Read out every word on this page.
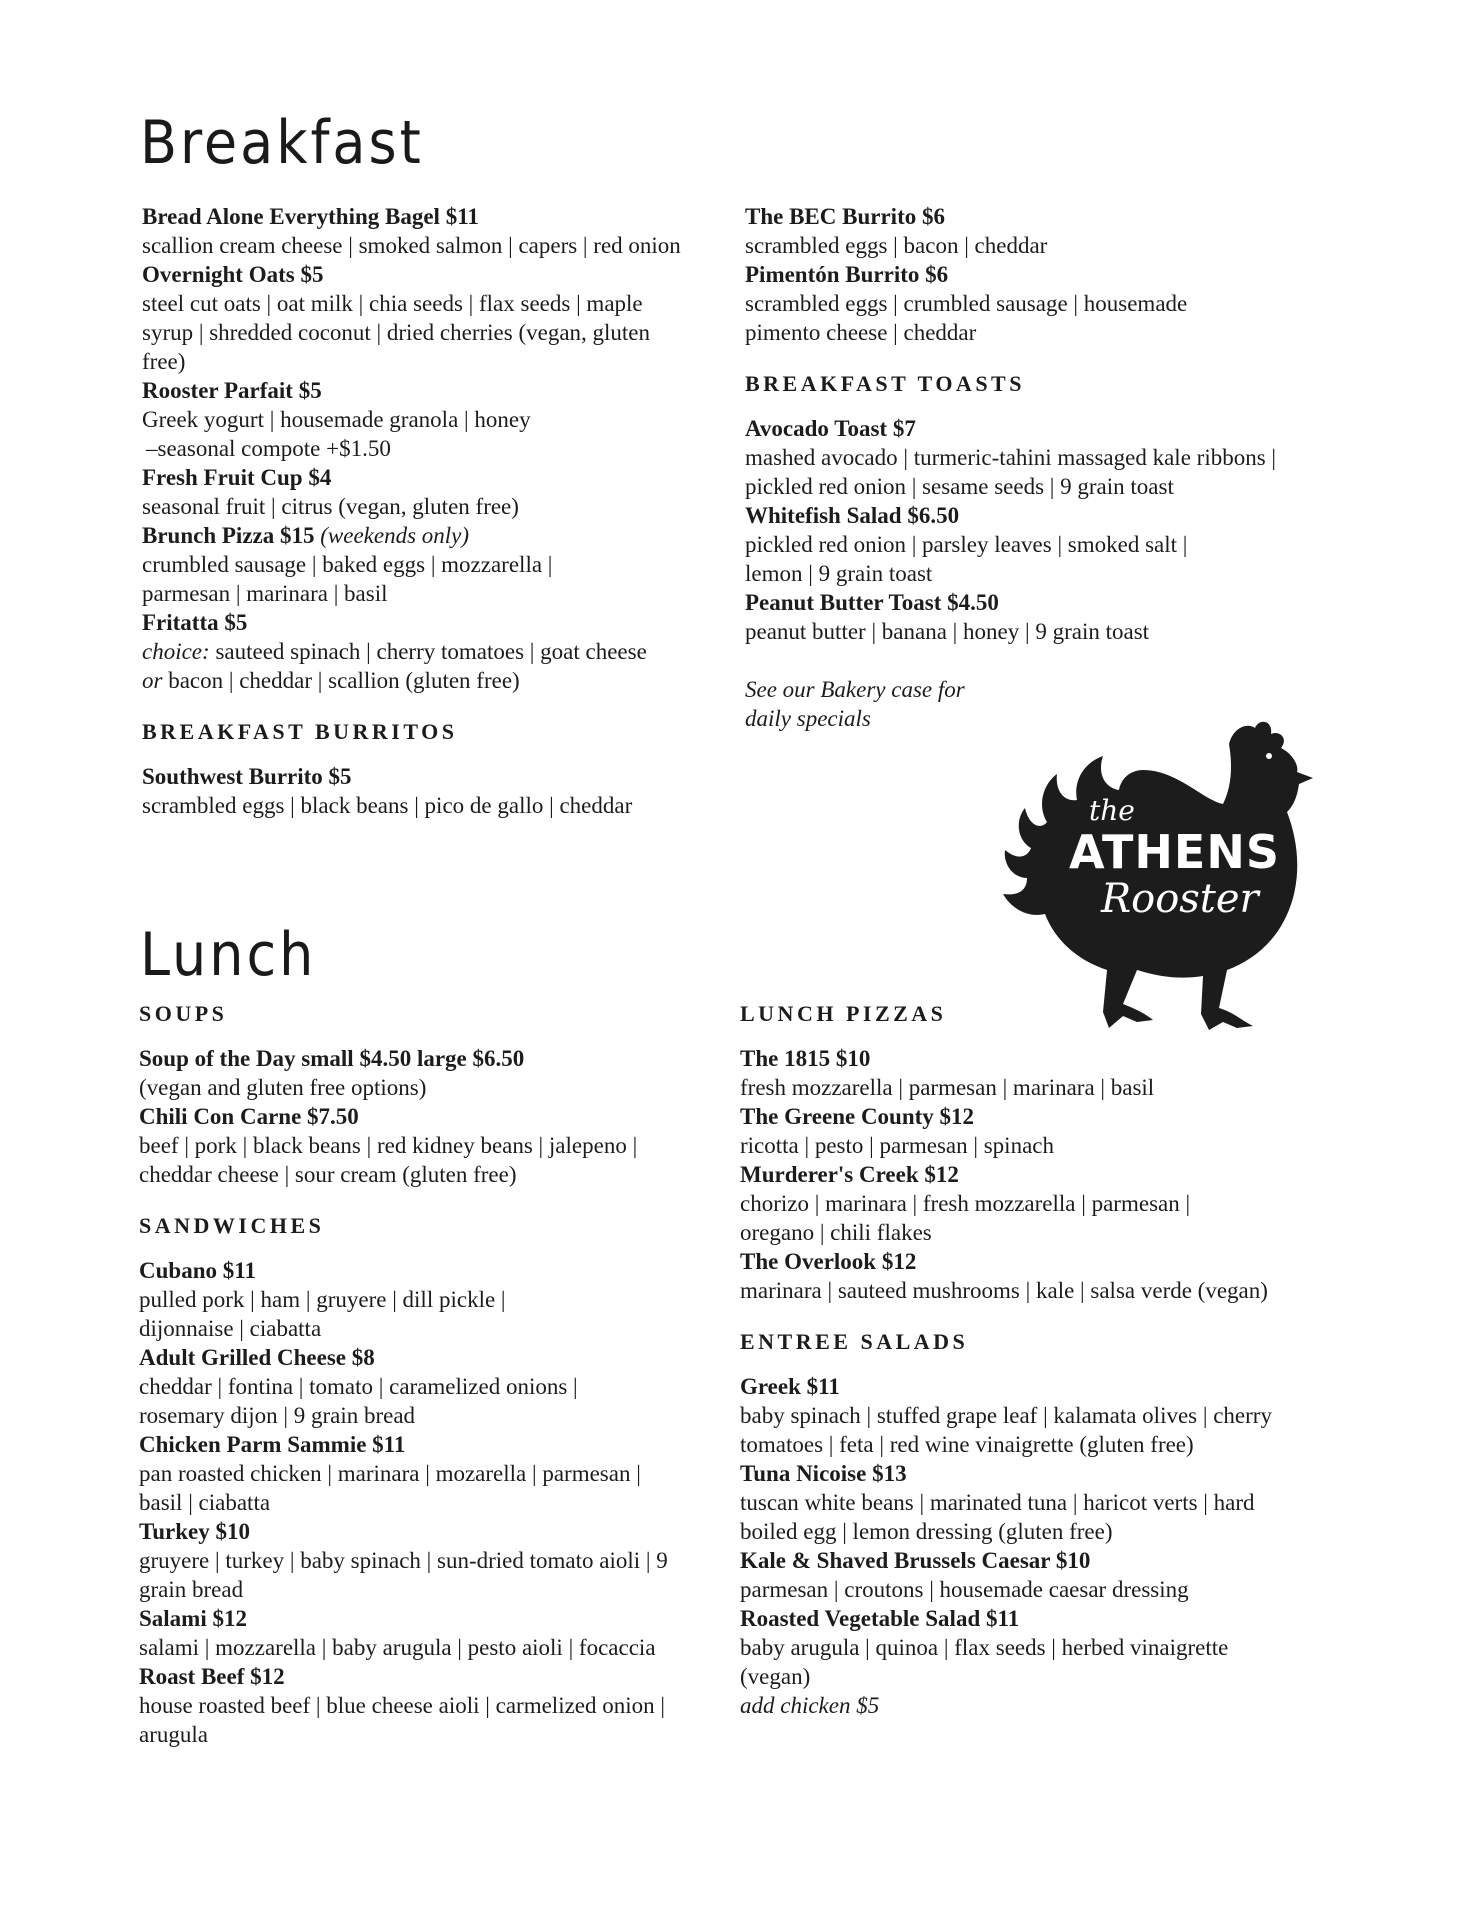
Breakfast
Bread Alone Everything Bagel $11
scallion cream cheese | smoked salmon | capers | red onion
Overnight Oats $5
steel cut oats | oat milk | chia seeds | flax seeds | maple syrup | shredded coconut | dried cherries (vegan, gluten free)
Rooster Parfait $5
Greek yogurt | housemade granola | honey
–seasonal compote +$1.50
Fresh Fruit Cup $4
seasonal fruit | citrus (vegan, gluten free)
Brunch Pizza $15 (weekends only)
crumbled sausage | baked eggs | mozzarella | parmesan | marinara | basil
Fritatta $5
choice: sauteed spinach | cherry tomatoes | goat cheese
or bacon | cheddar | scallion (gluten free)
BREAKFAST BURRITOS
Southwest Burrito $5
scrambled eggs | black beans | pico de gallo | cheddar
The BEC Burrito $6
scrambled eggs | bacon | cheddar
Pimentón Burrito $6
scrambled eggs | crumbled sausage | housemade pimento cheese | cheddar
BREAKFAST TOASTS
Avocado Toast $7
mashed avocado | turmeric-tahini massaged kale ribbons | pickled red onion | sesame seeds | 9 grain toast
Whitefish Salad $6.50
pickled red onion | parsley leaves | smoked salt | lemon | 9 grain toast
Peanut Butter Toast $4.50
peanut butter | banana | honey | 9 grain toast
See our Bakery case for daily specials
the
ATHENS
Rooster
Lunch
SOUPS
Soup of the Day small $4.50 large $6.50
(vegan and gluten free options)
Chili Con Carne $7.50
beef | pork | black beans | red kidney beans | jalepeno | cheddar cheese | sour cream (gluten free)
SANDWICHES
Cubano $11
pulled pork | ham | gruyere | dill pickle | dijonnaise | ciabatta
Adult Grilled Cheese $8
cheddar | fontina | tomato | caramelized onions | rosemary dijon | 9 grain bread
Chicken Parm Sammie $11
pan roasted chicken | marinara | mozarella | parmesan | basil | ciabatta
Turkey $10
gruyere | turkey | baby spinach | sun-dried tomato aioli | 9 grain bread
Salami $12
salami | mozzarella | baby arugula | pesto aioli | focaccia
Roast Beef $12
house roasted beef | blue cheese aioli | carmelized onion | arugula
LUNCH PIZZAS
The 1815 $10
fresh mozzarella | parmesan | marinara | basil
The Greene County $12
ricotta | pesto | parmesan | spinach
Murderer's Creek $12
chorizo | marinara | fresh mozzarella | parmesan | oregano | chili flakes
The Overlook $12
marinara | sauteed mushrooms | kale | salsa verde (vegan)
ENTREE SALADS
Greek $11
baby spinach | stuffed grape leaf | kalamata olives | cherry tomatoes | feta | red wine vinaigrette (gluten free)
Tuna Nicoise $13
tuscan white beans | marinated tuna | haricot verts | hard boiled egg | lemon dressing (gluten free)
Kale & Shaved Brussels Caesar $10
parmesan | croutons | housemade caesar dressing
Roasted Vegetable Salad $11
baby arugula | quinoa | flax seeds | herbed vinaigrette (vegan)
add chicken $5
